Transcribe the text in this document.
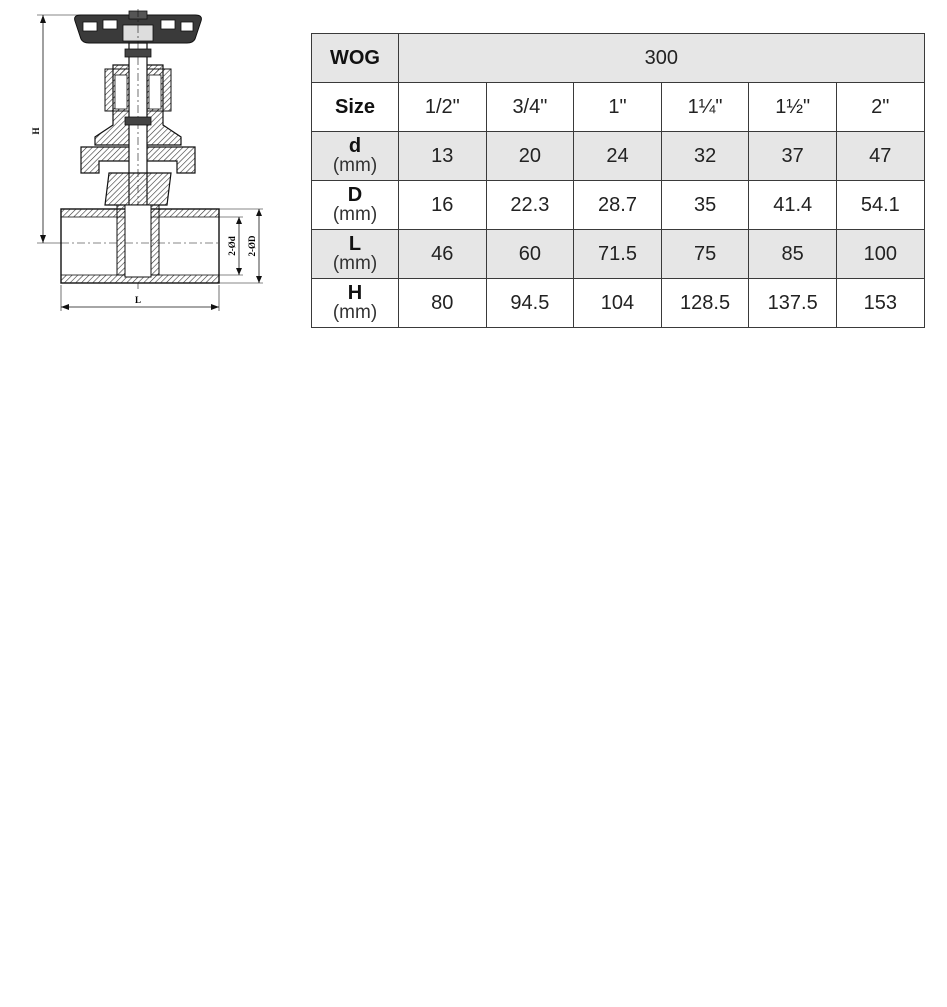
H
L
2-Ød 2-ØD
WOG	300					
Size	1/2"	3/4"	1"	1¼"	1½"	2"

d
(mm)	13	20	24	32	37	47

D
(mm)	16	22.3	28.7	35	41.4	54.1

L
(mm)	46	60	71.5	75	85	100

H
(mm)	80	94.5	104	128.5	137.5	153
